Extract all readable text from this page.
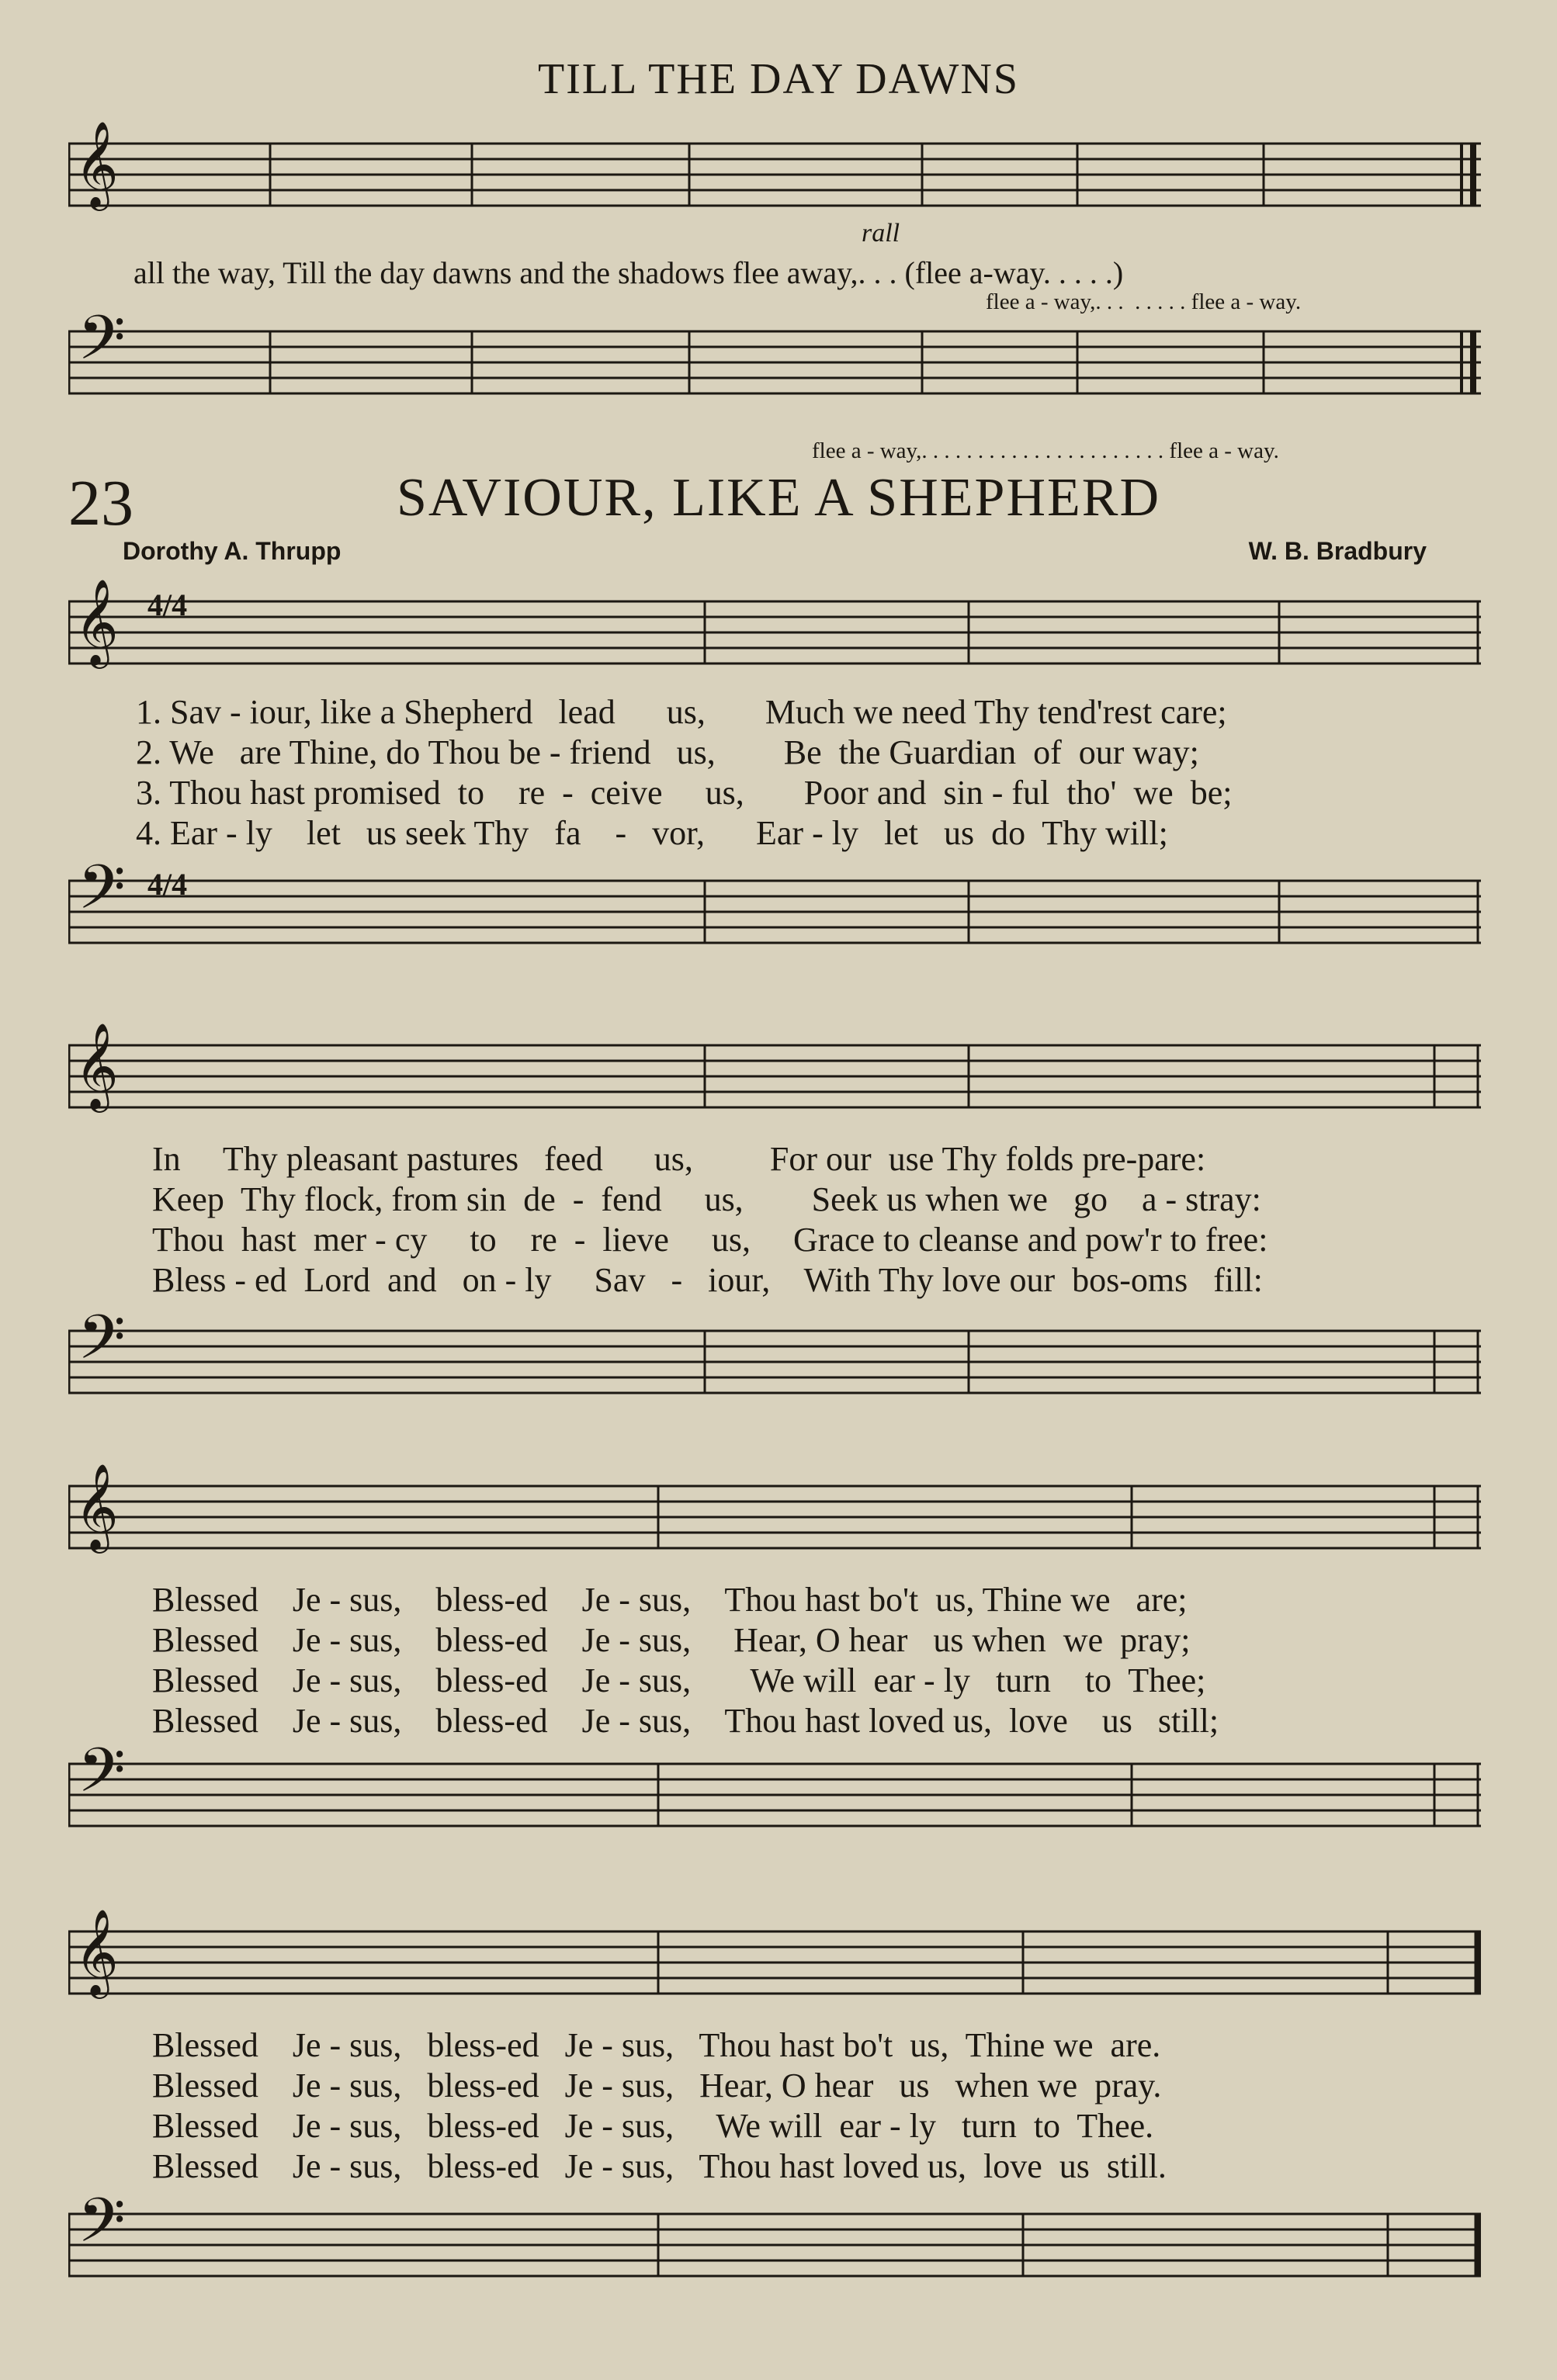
TILL THE DAY DAWNS
𝄞
rall
all the way, Till the day dawns and the shadows flee away,. . . (flee a-way. . . . .)
flee a - way,. . .  . . . . . flee a - way.
𝄢
flee a - way,. . . . . . . . . . . . . . . . . . . . . . flee a - way.
23	SAVIOUR, LIKE A SHEPHERD
Dorothy A. Thrupp	W. B. Bradbury
𝄞
1. Sav - iour, like a Shepherd   lead      us,       Much we need Thy tend'rest care;
2. We   are Thine, do Thou be - friend   us,        Be  the Guardian  of  our way;
3. Thou hast promised  to    re  -  ceive     us,       Poor and  sin - ful  tho'  we  be;
4. Ear - ly    let   us seek Thy   fa    -   vor,      Ear - ly   let   us  do  Thy will;
𝄢
𝄞
In     Thy pleasant pastures   feed      us,         For our  use Thy folds pre-pare:
Keep  Thy flock, from sin  de  -  fend     us,        Seek us when we   go    a - stray:
Thou  hast  mer - cy     to    re  -  lieve     us,     Grace to cleanse and pow'r to free:
Bless - ed  Lord  and   on - ly     Sav   -   iour,    With Thy love our  bos-oms   fill:
𝄢
𝄞
Blessed    Je - sus,    bless-ed    Je - sus,    Thou hast bo't  us, Thine we   are;
Blessed    Je - sus,    bless-ed    Je - sus,     Hear, O hear   us when  we  pray;
Blessed    Je - sus,    bless-ed    Je - sus,       We will  ear - ly   turn    to  Thee;
Blessed    Je - sus,    bless-ed    Je - sus,    Thou hast loved us,  love    us   still;
𝄢
𝄞
Blessed    Je - sus,   bless-ed   Je - sus,   Thou hast bo't  us,  Thine we  are.
Blessed    Je - sus,   bless-ed   Je - sus,   Hear, O hear   us   when we  pray.
Blessed    Je - sus,   bless-ed   Je - sus,     We will  ear - ly   turn  to  Thee.
Blessed    Je - sus,   bless-ed   Je - sus,   Thou hast loved us,  love  us  still.
𝄢
4/4
4/4
